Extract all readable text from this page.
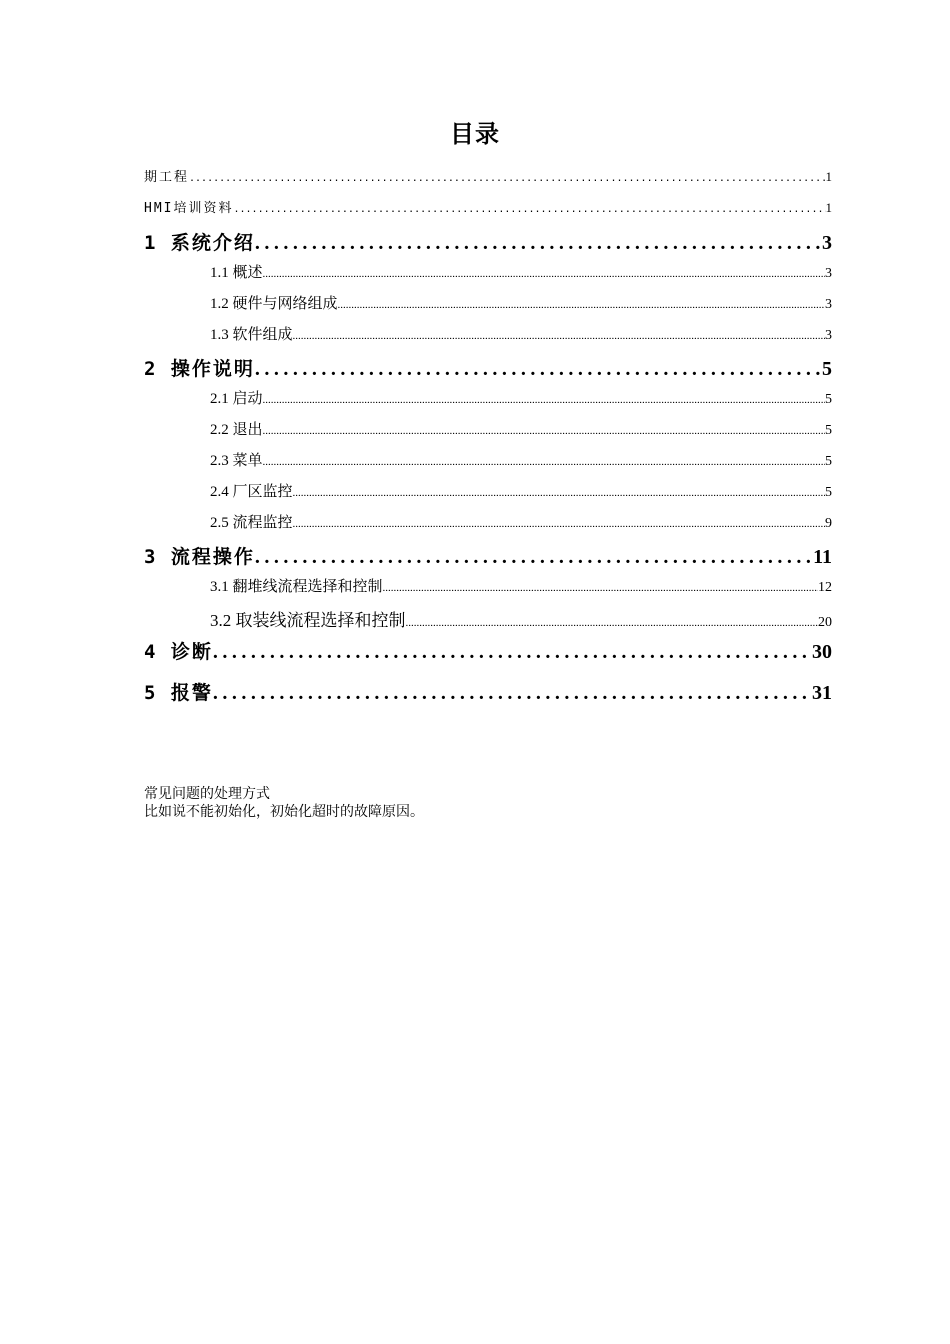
目录
期工程 .....	1
HMI培训资料 .....	1
1 系统介绍 .....	3
1.1 概述 .....	3
1.2 硬件与网络组成 .....	3
1.3 软件组成 .....	3
2 操作说明 .....	5
2.1 启动 .....	5
2.2 退出 .....	5
2.3 菜单 .....	5
2.4 厂区监控 .....	5
2.5 流程监控 .....	9
3 流程操作 .....	11
3.1 翻堆线流程选择和控制 .....	12
3.2 取装线流程选择和控制 .....	20
4 诊断 .....	30
5 报警 .....	31
常见问题的处理方式
比如说不能初始化，初始化超时的故障原因。
